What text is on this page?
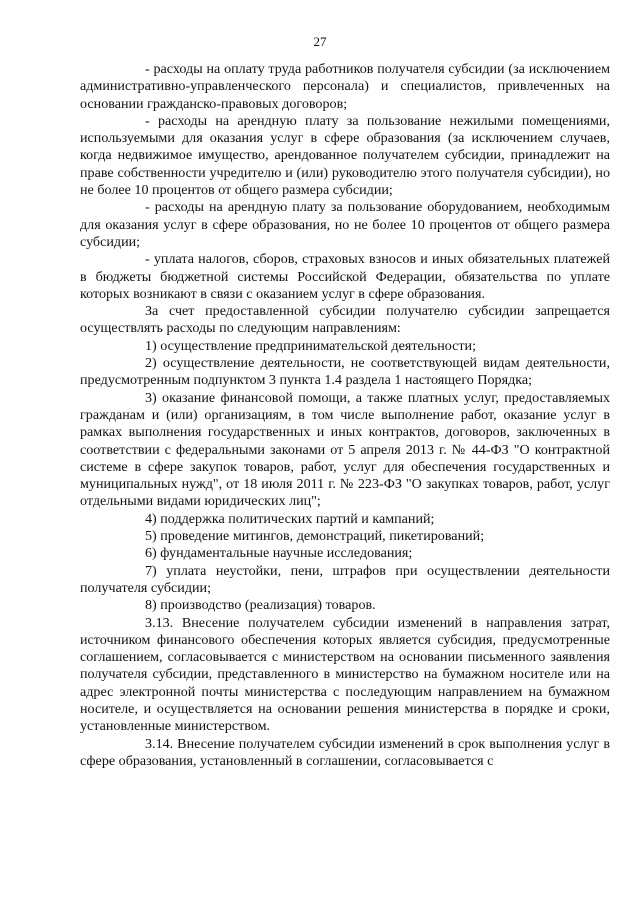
27

- расходы на оплату труда работников получателя субсидии (за исключением административно-управленческого персонала) и специалистов, привлеченных на основании гражданско-правовых договоров;

- расходы на арендную плату за пользование нежилыми помещениями, используемыми для оказания услуг в сфере образования (за исключением случаев, когда недвижимое имущество, арендованное получателем субсидии, принадлежит на праве собственности учредителю и (или) руководителю этого получателя субсидии), но не более 10 процентов от общего размера субсидии;

- расходы на арендную плату за пользование оборудованием, необходимым для оказания услуг в сфере образования, но не более 10 процентов от общего размера субсидии;

- уплата налогов, сборов, страховых взносов и иных обязательных платежей в бюджеты бюджетной системы Российской Федерации, обязательства по уплате которых возникают в связи с оказанием услуг в сфере образования.

За счет предоставленной субсидии получателю субсидии запрещается осуществлять расходы по следующим направлениям:

1) осуществление предпринимательской деятельности;

2) осуществление деятельности, не соответствующей видам деятельности, предусмотренным подпунктом 3 пункта 1.4 раздела 1 настоящего Порядка;

3) оказание финансовой помощи, а также платных услуг, предоставляемых гражданам и (или) организациям, в том числе выполнение работ, оказание услуг в рамках выполнения государственных и иных контрактов, договоров, заключенных в соответствии с федеральными законами от 5 апреля 2013 г. № 44-ФЗ "О контрактной системе в сфере закупок товаров, работ, услуг для обеспечения государственных и муниципальных нужд", от 18 июля 2011 г. № 223-ФЗ "О закупках товаров, работ, услуг отдельными видами юридических лиц";

4) поддержка политических партий и кампаний;

5) проведение митингов, демонстраций, пикетирований;

6) фундаментальные научные исследования;

7) уплата неустойки, пени, штрафов при осуществлении деятельности получателя субсидии;

8) производство (реализация) товаров.

3.13. Внесение получателем субсидии изменений в направления затрат, источником финансового обеспечения которых является субсидия, предусмотренные соглашением, согласовывается с министерством на основании письменного заявления получателя субсидии, представленного в министерство на бумажном носителе или на адрес электронной почты министерства с последующим направлением на бумажном носителе, и осуществляется на основании решения министерства в порядке и сроки, установленные министерством.

3.14. Внесение получателем субсидии изменений в срок выполнения услуг в сфере образования, установленный в соглашении, согласовывается с
